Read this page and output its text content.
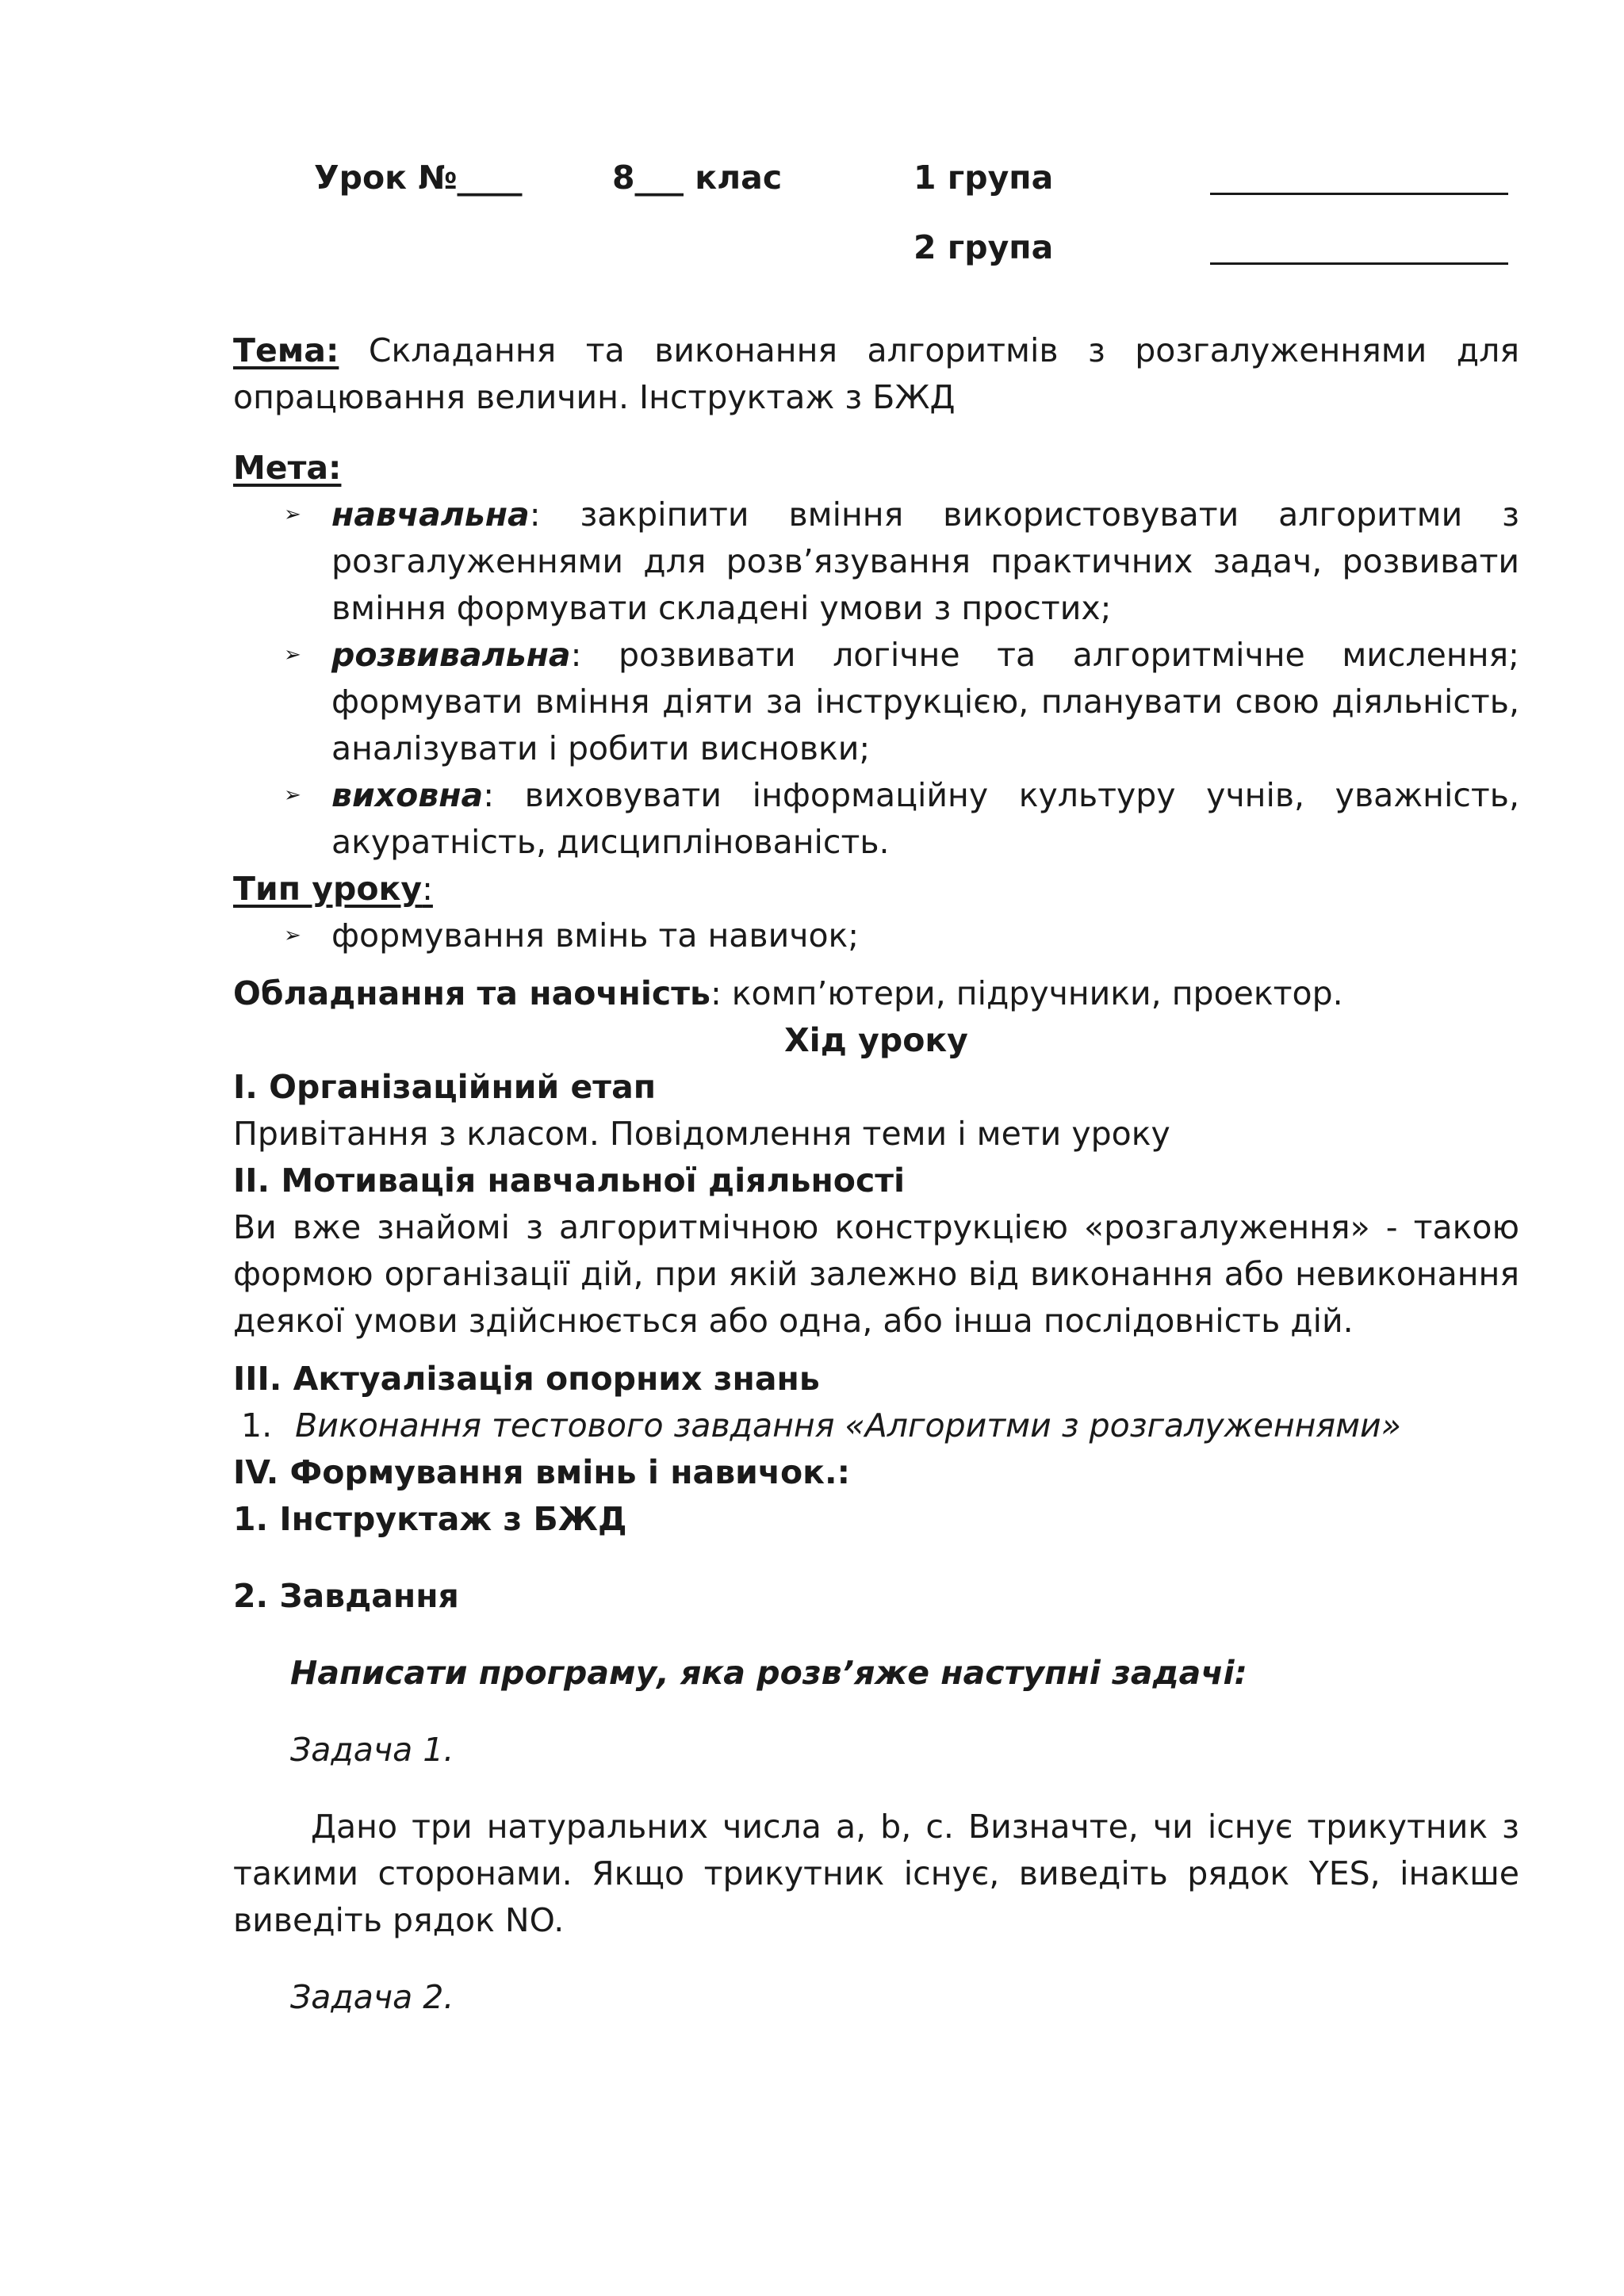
Урок №____	8___ клас	1 група
2 група
Тема: Складання та виконання алгоритмів з розгалуженнями для опрацювання величин. Інструктаж з БЖД
Мета:
➢ навчальна: закріпити вміння використовувати алгоритми з розгалуженнями для розв’язування практичних задач, розвивати вміння формувати складені умови з простих;
➢ розвивальна: розвивати логічне та алгоритмічне мислення; формувати вміння діяти за інструкцією, планувати свою діяльність, аналізувати і робити висновки;
➢ виховна: виховувати інформаційну культуру учнів, уважність, акуратність, дисциплінованість.
Тип уроку:
➢ формування вмінь та навичок;
Обладнання та наочність: комп’ютери, підручники, проектор.
Хід уроку
І. Організаційний етап
Привітання з класом. Повідомлення теми і мети уроку
ІІ. Мотивація навчальної діяльності
Ви вже знайомі з алгоритмічною конструкцією «розгалуження» - такою формою організації дій, при якій залежно від виконання або невиконання деякої умови здійснюється або одна, або інша послідовність дій.
ІІІ. Актуалізація опорних знань
1. Виконання тестового завдання «Алгоритми з розгалуженнями»
ІV. Формування вмінь і навичок.:
1. Інструктаж з БЖД
2. Завдання
Написати програму, яка розв’яже наступні задачі:
Задача 1.
Дано три натуральних числа a, b, c. Визначте, чи існує трикутник з такими сторонами. Якщо трикутник існує, виведіть рядок YES, інакше виведіть рядок NO.
Задача 2.
